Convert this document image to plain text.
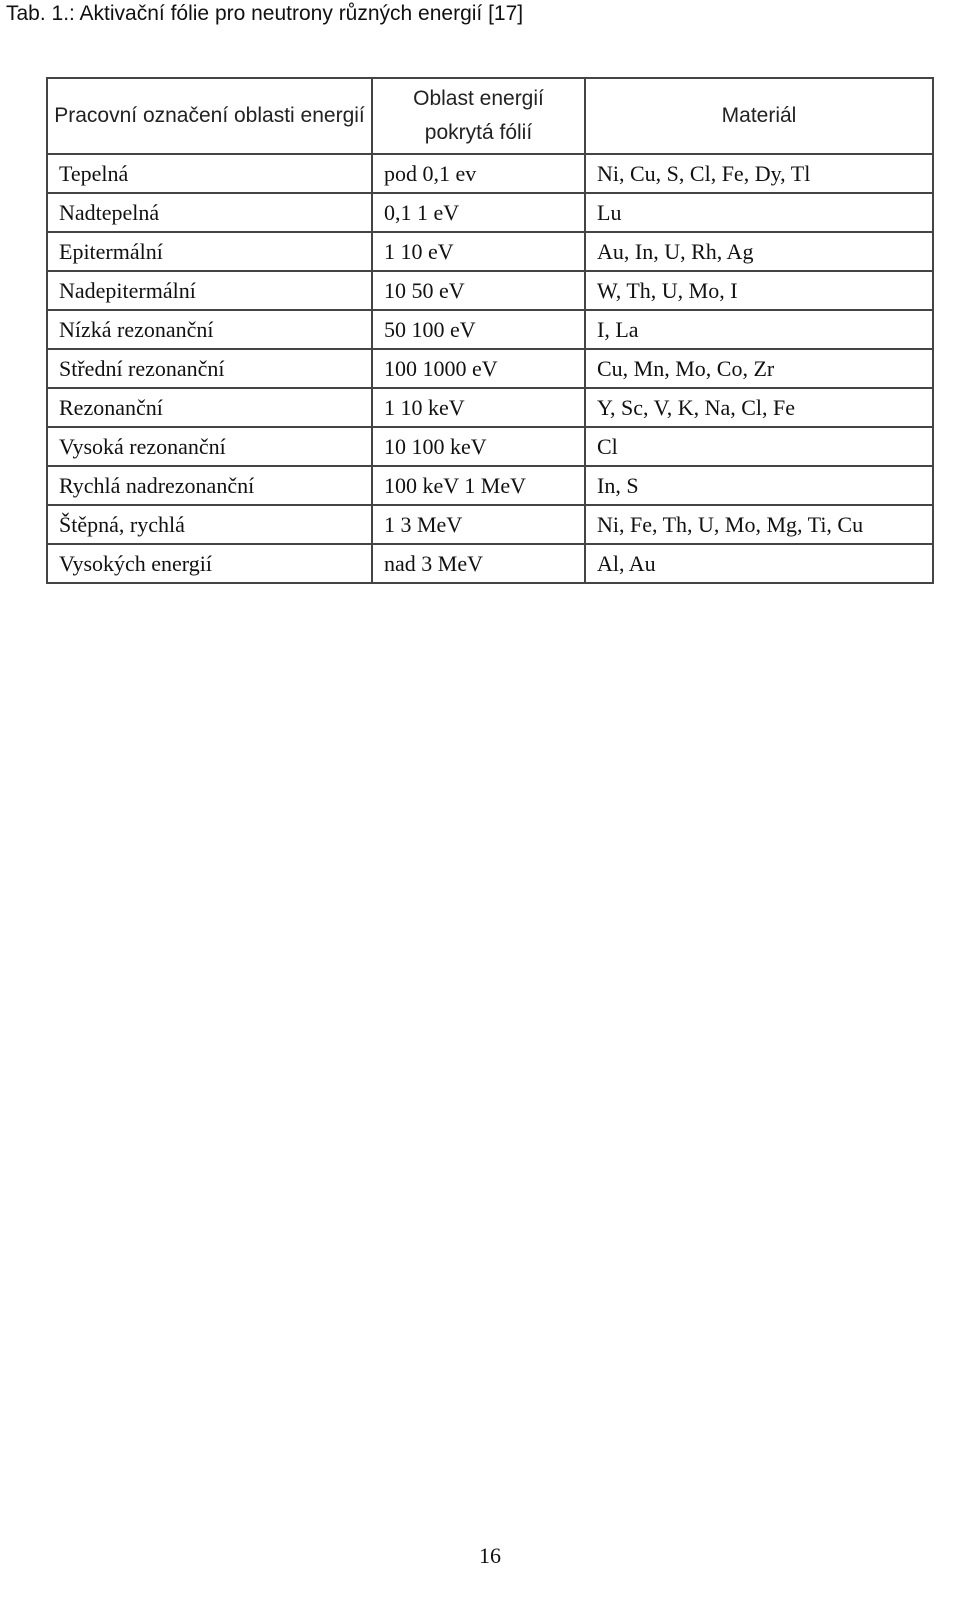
Tab. 1.: Aktivační fólie pro neutrony různých energií [17]
Pracovní označení oblasti energií	Oblast energií pokrytá fólií	Materiál
Tepelná	pod 0,1 ev	Ni, Cu, S, Cl, Fe, Dy, Tl
Nadtepelná	0,1 1 eV	Lu
Epitermální	1 10 eV	Au, In, U, Rh, Ag
Nadepitermální	10 50 eV	W, Th, U, Mo, I
Nízká rezonanční	50 100 eV	I, La
Střední rezonanční	100 1000 eV	Cu, Mn, Mo, Co, Zr
Rezonanční	1 10 keV	Y, Sc, V, K, Na, Cl, Fe
Vysoká rezonanční	10 100 keV	Cl
Rychlá nadrezonanční	100 keV 1 MeV	In, S
Štěpná, rychlá	1 3 MeV	Ni, Fe, Th, U, Mo, Mg, Ti, Cu
Vysokých energií	nad 3 MeV	Al, Au
16
